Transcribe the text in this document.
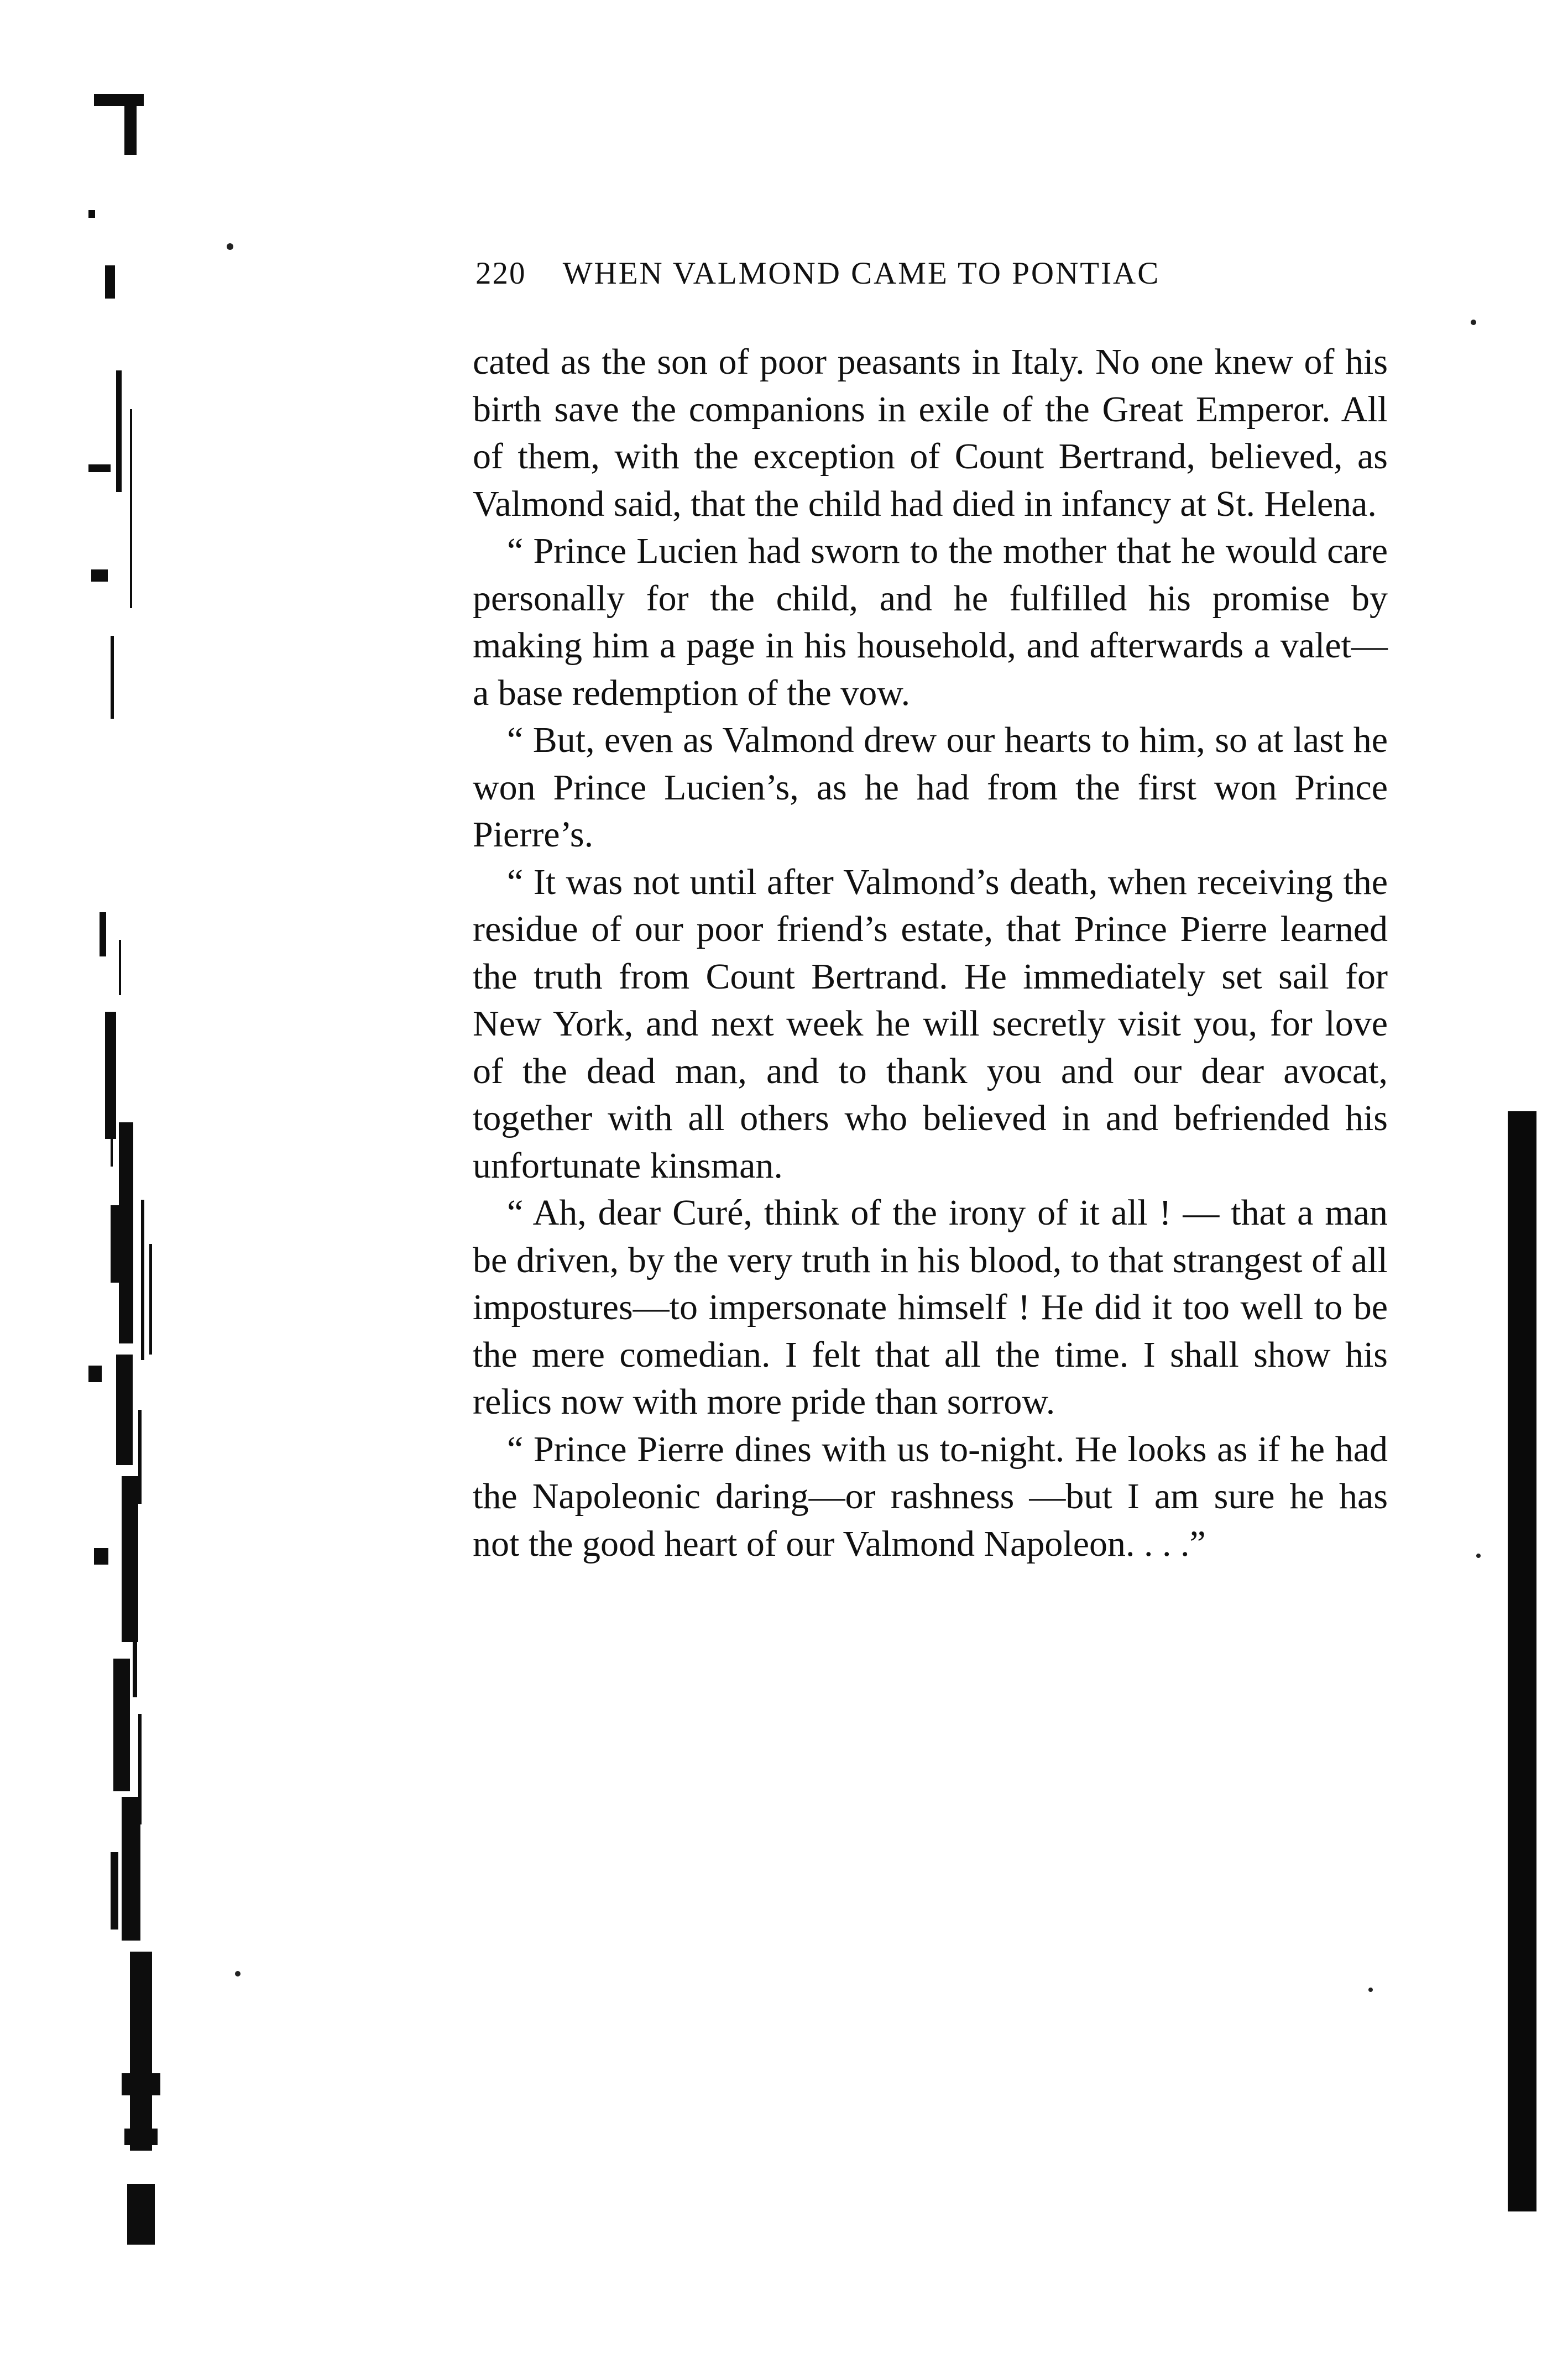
220 WHEN VALMOND CAME TO PONTIAC

cated as the son of poor peasants in Italy. No one knew of his birth save the companions in exile of the Great Emperor. All of them, with the exception of Count Bertrand, believed, as Valmond said, that the child had died in infancy at St. Helena.

“ Prince Lucien had sworn to the mother that he would care personally for the child, and he fulfilled his promise by making him a page in his household, and afterwards a valet—a base redemption of the vow.

“ But, even as Valmond drew our hearts to him, so at last he won Prince Lucien’s, as he had from the first won Prince Pierre’s.

“ It was not until after Valmond’s death, when receiving the residue of our poor friend’s estate, that Prince Pierre learned the truth from Count Bertrand. He immediately set sail for New York, and next week he will secretly visit you, for love of the dead man, and to thank you and our dear avocat, together with all others who believed in and befriended his unfortunate kinsman.

“ Ah, dear Curé, think of the irony of it all ! — that a man be driven, by the very truth in his blood, to that strangest of all impostures—to impersonate himself ! He did it too well to be the mere comedian. I felt that all the time. I shall show his relics now with more pride than sorrow.

“ Prince Pierre dines with us to-night. He looks as if he had the Napoleonic daring—or rashness —but I am sure he has not the good heart of our Valmond Napoleon. . . .”
